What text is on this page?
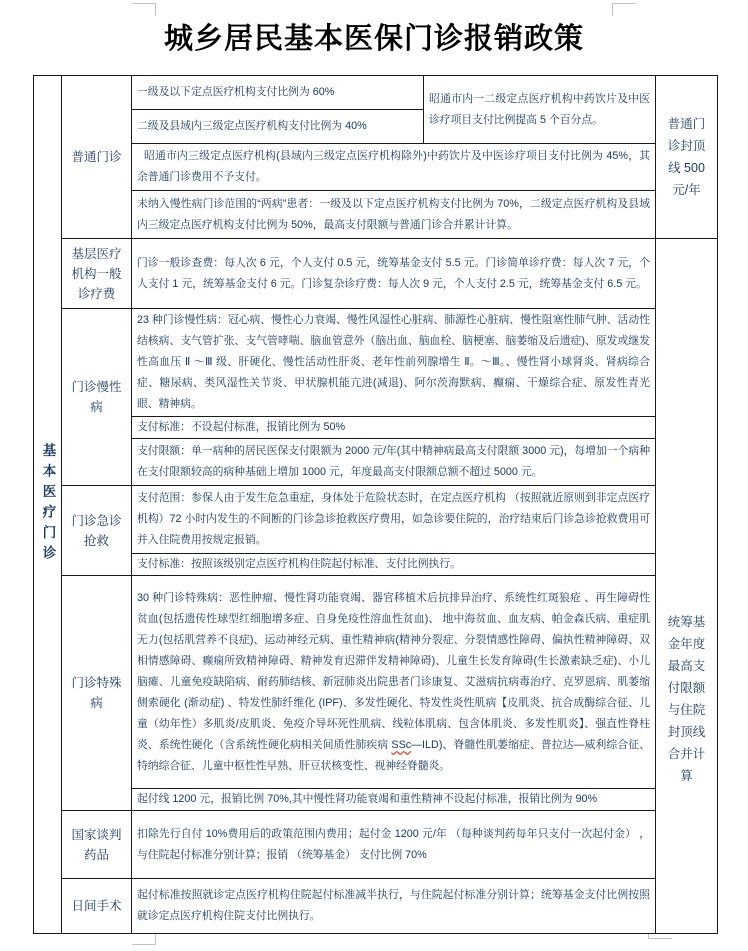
城乡居民基本医保门诊报销政策

基本医疗门诊

普通门诊

一级及以下定点医疗机构支付比例为 60%

二级及县域内三级定点医疗机构支付比例为 40%

昭通市内一二级定点医疗机构中药饮片及中医诊疗项目支付比例提高 5 个百分点。

昭通市内三级定点医疗机构(县域内三级定点医疗机构除外)中药饮片及中医诊疗项目支付比例为 45%，其余普通门诊费用不予支付。

未纳入慢性病门诊范围的“两病”患者：一级及以下定点医疗机构支付比例为 70%，二级定点医疗机构及县域内三级定点医疗机构支付比例为 50%，最高支付限额与普通门诊合并累计计算。

普通门诊封顶线 500 元/年

基层医疗机构一般诊疗费

门诊一般诊查费：每人次 6 元，个人支付 0.5 元，统筹基金支付 5.5 元。门诊简单诊疗费：每人次 7 元，个人支付 1 元，统筹基金支付 6 元。门诊复杂诊疗费：每人次 9 元，个人支付 2.5 元，统筹基金支付 6.5 元。

统筹基金年度最高支付限额与住院封顶线合并计算

门诊慢性病

23 种门诊慢性病：冠心病、慢性心力衰竭、慢性风湿性心脏病、肺源性心脏病、慢性阻塞性肺气肿、活动性结核病、支气管扩张、支气管哮喘、脑血管意外（脑出血、脑血栓、脑梗塞、脑萎缩及后遗症)、原发或继发性高血压 Ⅱ ～Ⅲ 级、肝硬化、慢性活动性肝炎、老年性前列腺增生 Ⅱ。～Ⅲ。、慢性肾小球肾炎、肾病综合症、糖尿病、类风湿性关节炎、甲状腺机能亢进(减退)、阿尔茨海默病、癫痫、干燥综合症、原发性青光眼、精神病。

支付标准：不设起付标准，报销比例为 50%

支付限额：单一病种的居民医保支付限额为 2000 元/年(其中精神病最高支付限额 3000 元)，每增加一个病种在支付限额较高的病种基础上增加 1000 元，年度最高支付限额总额不超过 5000 元。

门诊急诊抢救

支付范围：参保人由于发生危急重症，身体处于危险状态时，在定点医疗机构 （按照就近原则到非定点医疗机构）72 小时内发生的不间断的门诊急诊抢救医疗费用，如急诊要住院的，治疗结束后门诊急诊抢救费用可并入住院费用按规定报销。

支付标准：按照该级别定点医疗机构住院起付标准、支付比例执行。

门诊特殊病

30 种门诊特殊病：恶性肿瘤、慢性肾功能衰竭、器官移植术后抗排异治疗、系统性红斑狼疮 、再生障碍性贫血(包括遗传性球型红细胞增多症、自身免疫性溶血性贫血)、 地中海贫血、血友病、帕金森氏病、重症肌无力(包括肌营养不良症)、运动神经元病、重性精神病(精神分裂症、分裂情感性障碍、偏执性精神障碍、双相情感障碍、癫痫所致精神障碍、精神发育迟滞伴发精神障碍)、儿童生长发育障碍(生长激素缺乏症)、小儿脑瘫、儿童免疫缺陷病、耐药肺结核、新冠肺炎出院患者门诊康复、艾滋病抗病毒治疗、克罗恩病、肌萎缩侧索硬化 (渐动症) 、特发性肺纤维化 (IPF)、多发性硬化、特发性炎性肌病【皮肌炎、抗合成酶综合征、儿童（幼年性）多肌炎/皮肌炎、免疫介导坏死性肌病、线粒体肌病、包含体肌炎、多发性肌炎】、强直性脊柱炎、系统性硬化（含系统性硬化病相关间质性肺疾病 SSc—ILD)、脊髓性肌萎缩症、普拉达—威利综合征、特纳综合征、儿童中枢性性早熟、肝豆状核变性、视神经脊髓炎。

起付线 1200 元，报销比例 70%,其中慢性肾功能衰竭和重性精神不设起付标准，报销比例为 90%

国家谈判药品

扣除先行自付 10%费用后的政策范围内费用；起付金 1200 元/年 （每种谈判药每年只支付一次起付金） ，与住院起付标准分别计算；报销 （统筹基金） 支付比例 70%

日间手术

起付标准按照就诊定点医疗机构住院起付标准减半执行，与住院起付标准分别计算；统筹基金支付比例按照就诊定点医疗机构住院支付比例执行。
